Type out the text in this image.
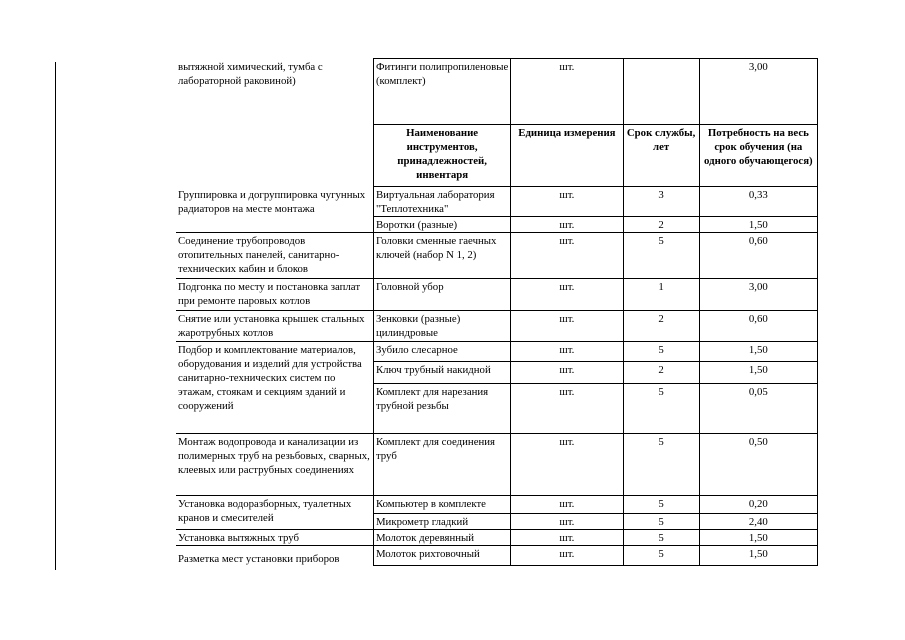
вытяжной химический, тумба с лабораторной раковиной)	Фитинги полипропиленовые (комплект)	шт.		3,00
	Наименование инструментов, принадлежностей, инвентаря	Единица измерения	Срок службы, лет	Потребность на весь срок обучения (на одного обучающегося)
Группировка и догруппировка чугунных радиаторов на месте монтажа	Виртуальная лаборатория "Теплотехника"	шт.	3	0,33
	Воротки (разные)	шт.	2	1,50
Соединение трубопроводов отопительных панелей, санитарно-технических кабин и блоков	Головки сменные гаечных ключей (набор N 1, 2)	шт.	5	0,60
Подгонка по месту и постановка заплат при ремонте паровых котлов	Головной убор	шт.	1	3,00
Снятие или установка крышек стальных жаротрубных котлов	Зенковки (разные) цилиндровые	шт.	2	0,60
Подбор и комплектование материалов, оборудования и изделий для устройства санитарно-технических систем по этажам, стоякам и секциям зданий и сооружений	Зубило слесарное	шт.	5	1,50
	Ключ трубный накидной	шт.	2	1,50
	Комплект для нарезания трубной резьбы	шт.	5	0,05
Монтаж водопровода и канализации из полимерных труб на резьбовых, сварных, клеевых или раструбных соединениях	Комплект для соединения труб	шт.	5	0,50
Установка водоразборных, туалетных кранов и смесителей	Компьютер в комплекте	шт.	5	0,20
	Микрометр гладкий	шт.	5	2,40
Установка вытяжных труб	Молоток деревянный	шт.	5	1,50
Разметка мест установки приборов	Молоток рихтовочный	шт.	5	1,50
